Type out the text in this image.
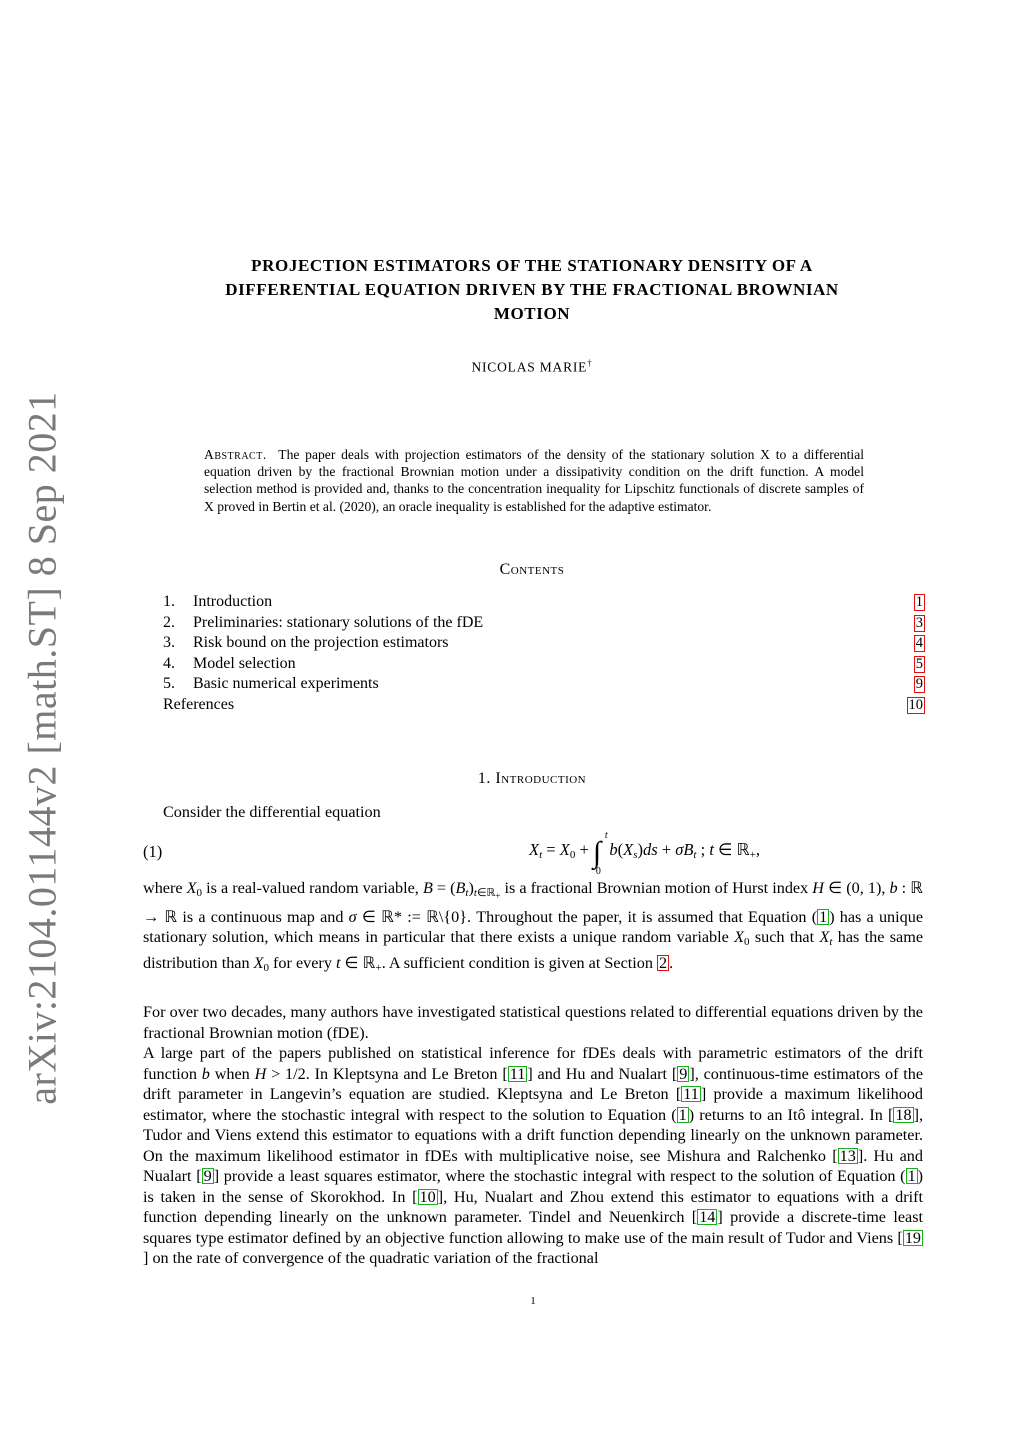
arXiv:2104.01144v2 [math.ST] 8 Sep 2021
PROJECTION ESTIMATORS OF THE STATIONARY DENSITY OF A
DIFFERENTIAL EQUATION DRIVEN BY THE FRACTIONAL BROWNIAN
MOTION
NICOLAS MARIE†
Abstract. The paper deals with projection estimators of the density of the stationary solution X to a differential equation driven by the fractional Brownian motion under a dissipativity condition on the drift function. A model selection method is provided and, thanks to the concentration inequality for Lipschitz functionals of discrete samples of X proved in Bertin et al. (2020), an oracle inequality is established for the adaptive estimator.
Contents
1. Introduction	1
2. Preliminaries: stationary solutions of the fDE	3
3. Risk bound on the projection estimators	4
4. Model selection	5
5. Basic numerical experiments	9
References	10
1. Introduction
Consider the differential equation
(1)	$X_t = X_0$ + ∫
t
0
$b(X_s)ds + \sigma B_t$ ; t ∈ ℝ$_+$,
where $X_0$ is a real-valued random variable, $B = (B_t)_{t\in ℝ_+}$ is a fractional Brownian motion of Hurst index H ∈ (0, 1), b : ℝ → ℝ is a continuous map and σ ∈ ℝ* := ℝ\{0}. Throughout the paper, it is assumed that Equation ( 1 ) has a unique stationary solution, which means in particular that there exists a unique random variable $X_0$ such that $X_t$ has the same distribution than $X_0$ for every t ∈ ℝ$_+$. A sufficient condition is given at Section 2 .
For over two decades, many authors have investigated statistical questions related to differential equations driven by the fractional Brownian motion (fDE).
A large part of the papers published on statistical inference for fDEs deals with parametric estimators of the drift function b when H > 1/2. In Kleptsyna and Le Breton [ 11 ] and Hu and Nualart [ 9 ], continuous-time estimators of the drift parameter in Langevin’s equation are studied. Kleptsyna and Le Breton [ 11 ] provide a maximum likelihood estimator, where the stochastic integral with respect to the solution to Equation ( 1 ) returns to an Itô integral. In [ 18 ], Tudor and Viens extend this estimator to equations with a drift function depending linearly on the unknown parameter. On the maximum likelihood estimator in fDEs with multiplicative noise, see Mishura and Ralchenko [ 13 ]. Hu and Nualart [ 9 ] provide a least squares estimator, where the stochastic integral with respect to the solution of Equation ( 1 ) is taken in the sense of Skorokhod. In [ 10 ], Hu, Nualart and Zhou extend this estimator to equations with a drift function depending linearly on the unknown parameter. Tindel and Neuenkirch [ 14 ] provide a discrete-time least squares type estimator defined by an objective function allowing to make use of the main result of Tudor and Viens [ 19] on the rate of convergence of the quadratic variation of the fractional
1
